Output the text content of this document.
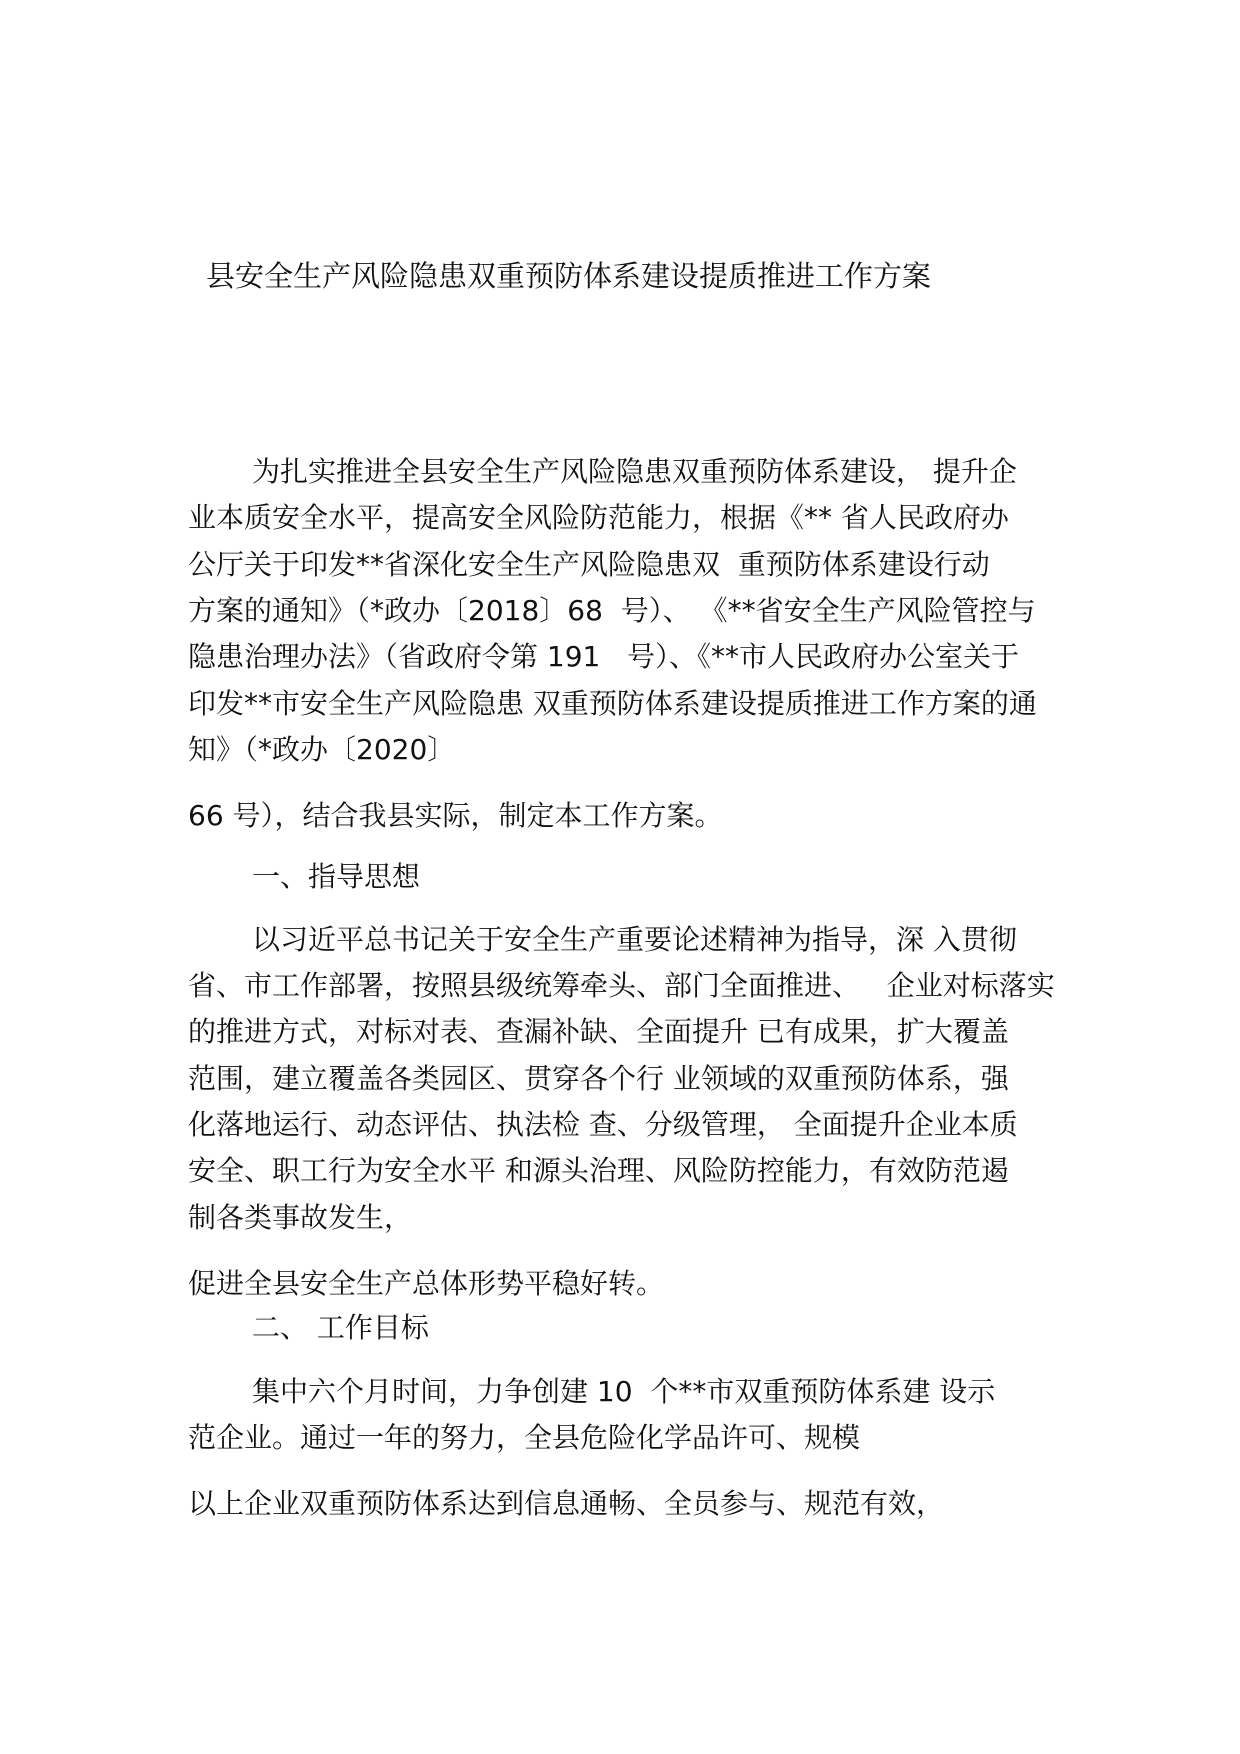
县安全生产风险隐患双重预防体系建设提质推进工作方案
为扎实推进全县安全生产风险隐患双重预防体系建设， 提升企
业本质安全水平，提高安全风险防范能力，根据《** 省人民政府办
公厅关于印发**省深化安全生产风险隐患双  重预防体系建设行动
方案的通知》（*政办〔2018〕68  号）、 《**省安全生产风险管控与
隐患治理办法》（省政府令第 191   号）、《**市人民政府办公室关于
印发**市安全生产风险隐患 双重预防体系建设提质推进工作方案的通
知》（*政办〔2020〕
66 号），结合我县实际，制定本工作方案。
一、指导思想
以习近平总书记关于安全生产重要论述精神为指导，深 入贯彻
省、市工作部署，按照县级统筹牵头、部门全面推进、   企业对标落实
的推进方式，对标对表、查漏补缺、全面提升 已有成果，扩大覆盖
范围，建立覆盖各类园区、贯穿各个行 业领域的双重预防体系，强
化落地运行、动态评估、执法检 查、分级管理， 全面提升企业本质
安全、职工行为安全水平 和源头治理、风险防控能力，有效防范遏
制各类事故发生，
促进全县安全生产总体形势平稳好转。
二、 工作目标
集中六个月时间，力争创建 10  个**市双重预防体系建 设示
范企业。通过一年的努力，全县危险化学品许可、规模
以上企业双重预防体系达到信息通畅、全员参与、规范有效，
